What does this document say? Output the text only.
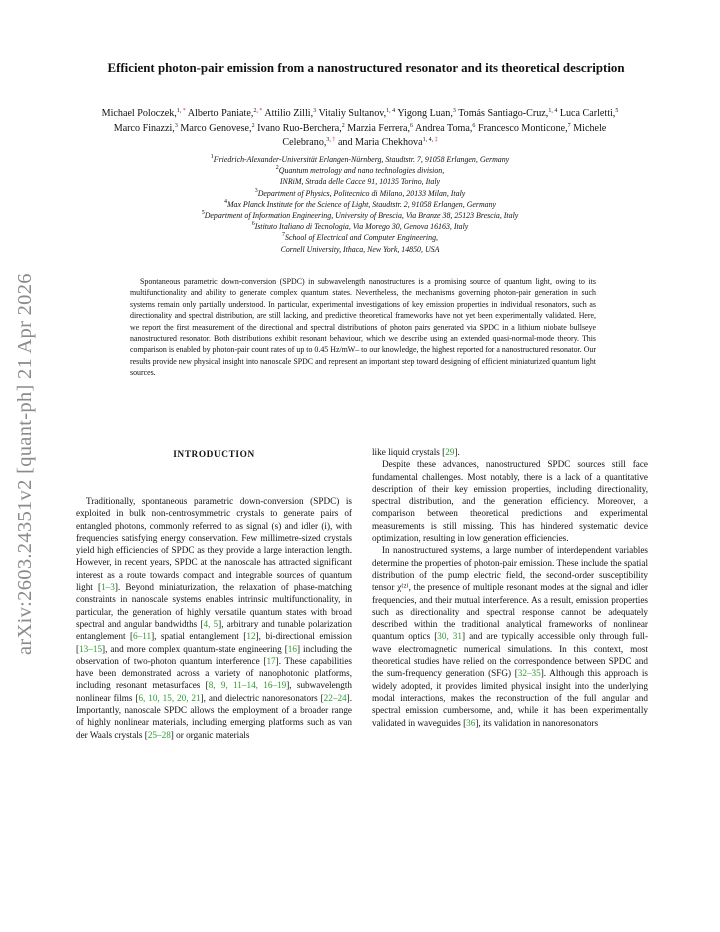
arXiv:2603.24351v2 [quant-ph] 21 Apr 2026
Efficient photon-pair emission from a nanostructured resonator and its theoretical description
Michael Poloczek,$^{1, *}$ Alberto Paniate,$^{2, *}$ Attilio Zilli,$^3$ Vitaliy Sultanov,$^{1, 4}$ Yigong Luan,$^3$ Tomás Santiago-Cruz,$^{1, 4}$ Luca Carletti,$^5$ Marco Finazzi,$^3$ Marco Genovese,$^2$ Ivano Ruo-Berchera,$^2$ Marzia Ferrera,$^6$ Andrea Toma,$^6$ Francesco Monticone,$^7$ Michele Celebrano,$^{3, \dagger}$ and Maria Chekhova$^{1, 4, \ddagger}$
$^1$Friedrich-Alexander-Universität Erlangen-Nürnberg, Staudtstr. 7, 91058 Erlangen, Germany
$^2$Quantum metrology and nano technologies division,
INRiM, Strada delle Cacce 91, 10135 Torino, Italy
$^3$Department of Physics, Politecnico di Milano, 20133 Milan, Italy
$^4$Max Planck Institute for the Science of Light, Staudtstr. 2, 91058 Erlangen, Germany
$^5$Department of Information Engineering, University of Brescia, Via Branze 38, 25123 Brescia, Italy
$^6$Istituto Italiano di Tecnologia, Via Morego 30, Genova 16163, Italy
$^7$School of Electrical and Computer Engineering,
Cornell University, Ithaca, New York, 14850, USA
Spontaneous parametric down-conversion (SPDC) in subwavelength nanostructures is a promising source of quantum light, owing to its multifunctionality and ability to generate complex quantum states. Nevertheless, the mechanisms governing photon-pair generation in such systems remain only partially understood. In particular, experimental investigations of key emission properties in individual resonators, such as directionality and spectral distribution, are still lacking, and predictive theoretical frameworks have not yet been experimentally validated. Here, we report the first measurement of the directional and spectral distributions of photon pairs generated via SPDC in a lithium niobate bullseye nanostructured resonator. Both distributions exhibit resonant behaviour, which we describe using an extended quasi-normal-mode theory. This comparison is enabled by photon-pair count rates of up to 0.45 Hz/mW– to our knowledge, the highest reported for a nanostructured resonator. Our results provide new physical insight into nanoscale SPDC and represent an important step toward designing of efficient miniaturized quantum light sources.
INTRODUCTION

Traditionally, spontaneous parametric down-conversion (SPDC) is exploited in bulk non-centrosymmetric crystals to generate pairs of entangled photons, commonly referred to as signal (s) and idler (i), with frequencies satisfying energy conservation. Few millimetre-sized crystals yield high efficiencies of SPDC as they provide a large interaction length. However, in recent years, SPDC at the nanoscale has attracted significant interest as a route towards compact and integrable sources of quantum light [1–3]. Beyond miniaturization, the relaxation of phase-matching constraints in nanoscale systems enables intrinsic multifunctionality, in particular, the generation of highly versatile quantum states with broad spectral and angular bandwidths [4, 5], arbitrary and tunable polarization entanglement [6–11], spatial entanglement [12], bi-directional emission [13–15], and more complex quantum-state engineering [16] including the observation of two-photon quantum interference [17]. These capabilities have been demonstrated across a variety of nanophotonic platforms, including resonant metasurfaces [8, 9, 11–14, 16–19], subwavelength nonlinear films [6, 10, 15, 20, 21], and dielectric nanoresonators [22–24]. Importantly, nanoscale SPDC allows the employment of a broader range of highly nonlinear materials, including emerging platforms such as van der Waals crystals [25–28] or organic materials

like liquid crystals [29].

Despite these advances, nanostructured SPDC sources still face fundamental challenges. Most notably, there is a lack of a quantitative description of their key emission properties, including directionality, spectral distribution, and the generation efficiency. Moreover, a comparison between theoretical predictions and experimental measurements is still missing. This has hindered systematic device optimization, resulting in low generation efficiencies.

In nanostructured systems, a large number of interdependent variables determine the properties of photon-pair emission. These include the spatial distribution of the pump electric field, the second-order susceptibility tensor χ⁽²⁾, the presence of multiple resonant modes at the signal and idler frequencies, and their mutual interference. As a result, emission properties such as directionality and spectral response cannot be adequately described within the traditional analytical frameworks of nonlinear quantum optics [30, 31] and are typically accessible only through full-wave electromagnetic numerical simulations. In this context, most theoretical studies have relied on the correspondence between SPDC and the sum-frequency generation (SFG) [32–35]. Although this approach is widely adopted, it provides limited physical insight into the underlying modal interactions, makes the reconstruction of the full angular and spectral emission cumbersome, and, while it has been experimentally validated in waveguides [36], its validation in nanoresonators
